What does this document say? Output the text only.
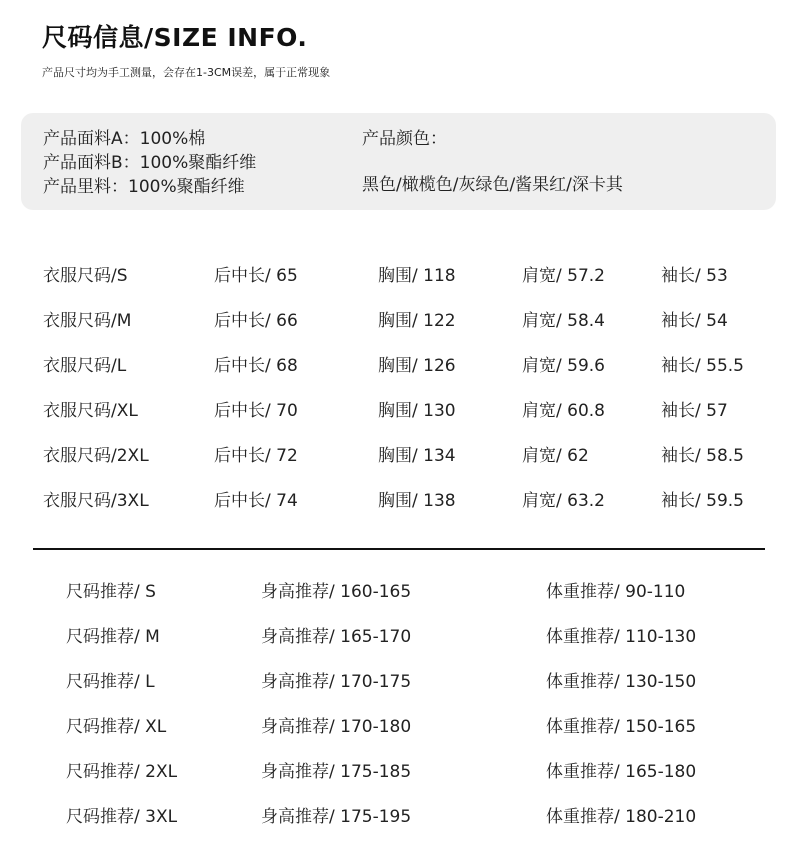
尺码信息/SIZE INFO.
产品尺寸均为手工测量，会存在1-3CM误差，属于正常现象
产品面料A：100%棉
产品面料B：100%聚酯纤维
产品里料：100%聚酯纤维
产品颜色：
黑色/橄榄色/灰绿色/酱果红/深卡其
衣服尺码/S	后中长/ 65	胸围/ 118	肩宽/ 57.2	袖长/ 53
衣服尺码/M	后中长/ 66	胸围/ 122	肩宽/ 58.4	袖长/ 54
衣服尺码/L	后中长/ 68	胸围/ 126	肩宽/ 59.6	袖长/ 55.5
衣服尺码/XL	后中长/ 70	胸围/ 130	肩宽/ 60.8	袖长/ 57
衣服尺码/2XL	后中长/ 72	胸围/ 134	肩宽/ 62	袖长/ 58.5
衣服尺码/3XL	后中长/ 74	胸围/ 138	肩宽/ 63.2	袖长/ 59.5
尺码推荐/ S	身高推荐/ 160-165	体重推荐/ 90-110
尺码推荐/ M	身高推荐/ 165-170	体重推荐/ 110-130
尺码推荐/ L	身高推荐/ 170-175	体重推荐/ 130-150
尺码推荐/ XL	身高推荐/ 170-180	体重推荐/ 150-165
尺码推荐/ 2XL	身高推荐/ 175-185	体重推荐/ 165-180
尺码推荐/ 3XL	身高推荐/ 175-195	体重推荐/ 180-210
